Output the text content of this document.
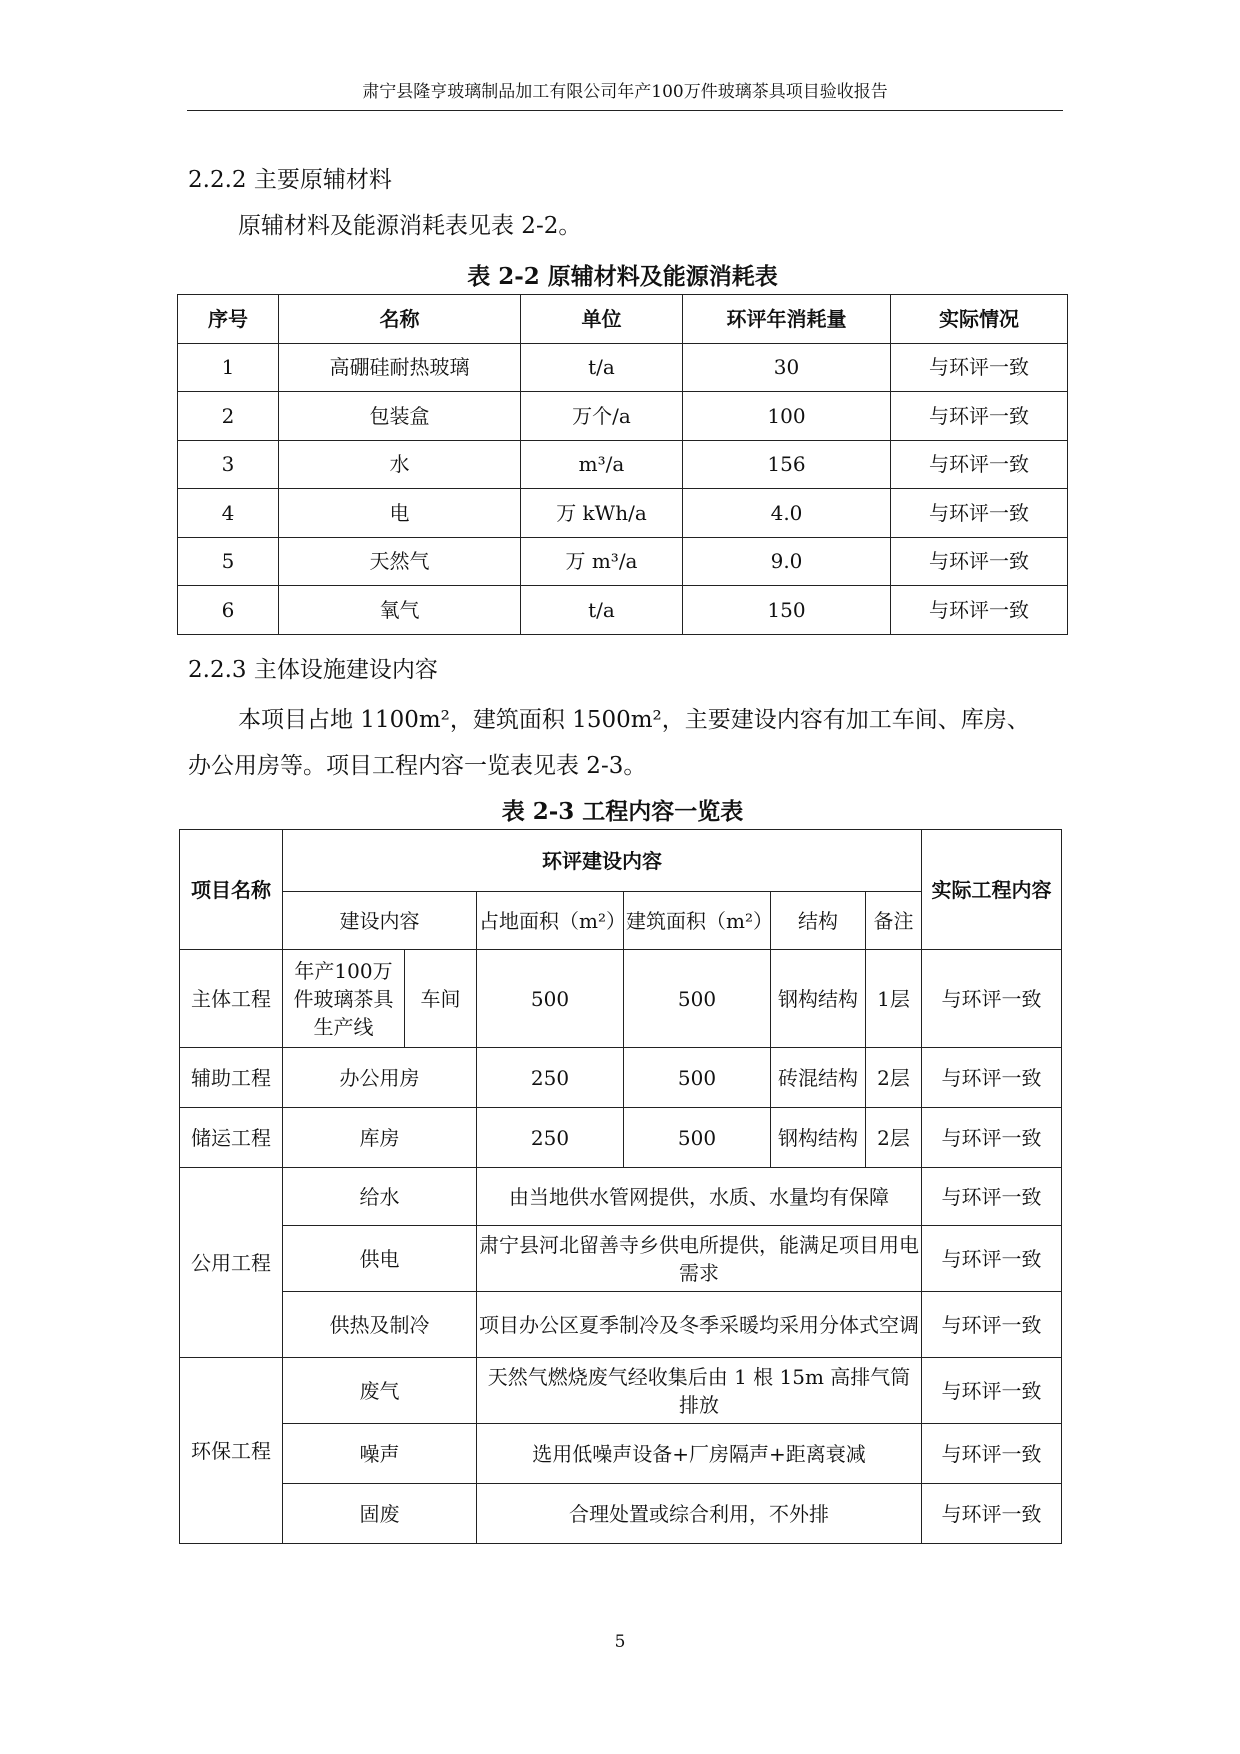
肃宁县隆亨玻璃制品加工有限公司年产100万件玻璃茶具项目验收报告
2.2.2 主要原辅材料
原辅材料及能源消耗表见表 2-2。
表 2-2 原辅材料及能源消耗表
序号	名称	单位	环评年消耗量	实际情况
1	高硼硅耐热玻璃	t/a	30	与环评一致
2	包装盒	万个/a	100	与环评一致
3	水	m³/a	156	与环评一致
4	电	万 kWh/a	4.0	与环评一致
5	天然气	万 m³/a	9.0	与环评一致
6	氧气	t/a	150	与环评一致
2.2.3 主体设施建设内容
本项目占地 1100m²，建筑面积 1500m²，主要建设内容有加工车间、库房、
办公用房等。项目工程内容一览表见表 2-3。
表 2-3 工程内容一览表
项目名称	环评建设内容						实际工程内容
	建设内容		占地面积（m²）	建筑面积（m²）	结构	备注	
主体工程	年产100万件玻璃茶具生产线	车间	500	500	钢构结构	1层	与环评一致
辅助工程	办公用房		250	500	砖混结构	2层	与环评一致
储运工程	库房		250	500	钢构结构	2层	与环评一致
公用工程	给水		由当地供水管网提供，水质、水量均有保障				与环评一致
	供电		肃宁县河北留善寺乡供电所提供，能满足项目用电需求				与环评一致
	供热及制冷		项目办公区夏季制冷及冬季采暖均采用分体式空调				与环评一致
环保工程	废气		天然气燃烧废气经收集后由 1 根 15m 高排气筒排放				与环评一致
	噪声		选用低噪声设备+厂房隔声+距离衰减				与环评一致
	固废		合理处置或综合利用，不外排				与环评一致
5
